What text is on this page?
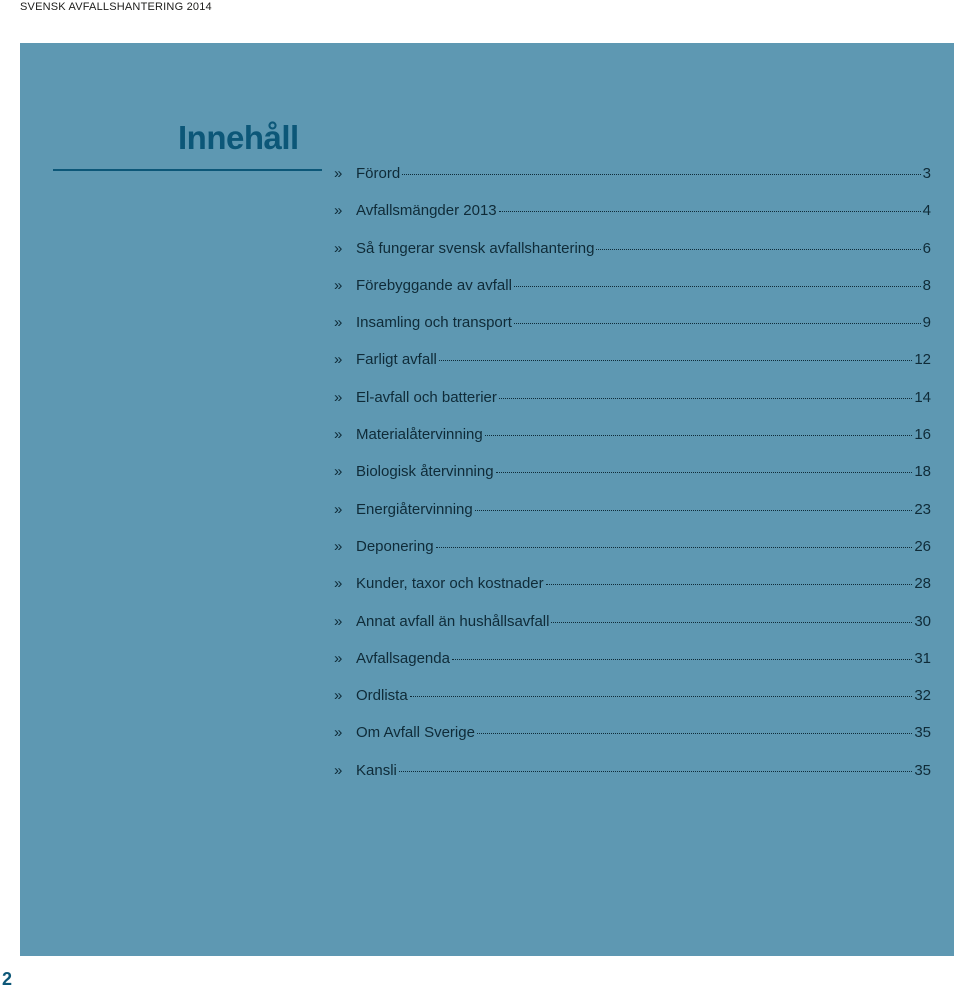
SVENSK AVFALLSHANTERING 2014
Innehåll
» Förord	3
» Avfallsmängder 2013	4
» Så fungerar svensk avfallshantering	6
» Förebyggande av avfall	8
» Insamling och transport	9
» Farligt avfall	12
» El-avfall och batterier	14
» Materialåtervinning	16
» Biologisk återvinning	18
» Energiåtervinning	23
» Deponering	26
» Kunder, taxor och kostnader	28
» Annat avfall än hushållsavfall	30
» Avfallsagenda	31
» Ordlista	32
» Om Avfall Sverige	35
» Kansli	35
2
